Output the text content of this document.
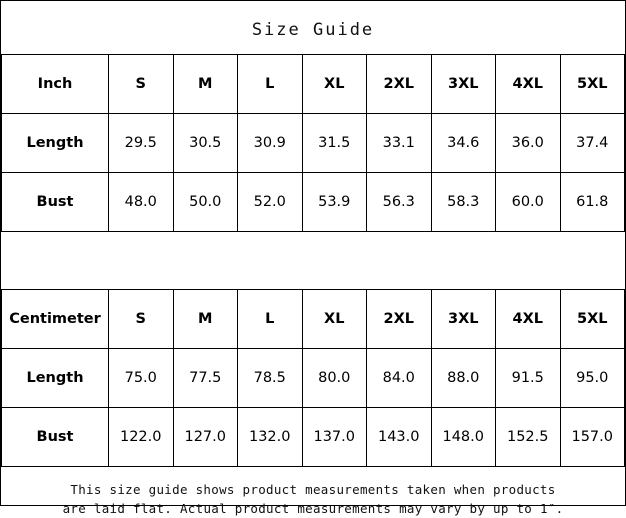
Size Guide
Inch	S	M	L	XL	2XL	3XL	4XL	5XL
Length	29.5	30.5	30.9	31.5	33.1	34.6	36.0	37.4
Bust	48.0	50.0	52.0	53.9	56.3	58.3	60.0	61.8
Centimeter	S	M	L	XL	2XL	3XL	4XL	5XL
Length	75.0	77.5	78.5	80.0	84.0	88.0	91.5	95.0
Bust	122.0	127.0	132.0	137.0	143.0	148.0	152.5	157.0
This size guide shows product measurements taken when products
are laid flat. Actual product measurements may vary by up to 1″.
